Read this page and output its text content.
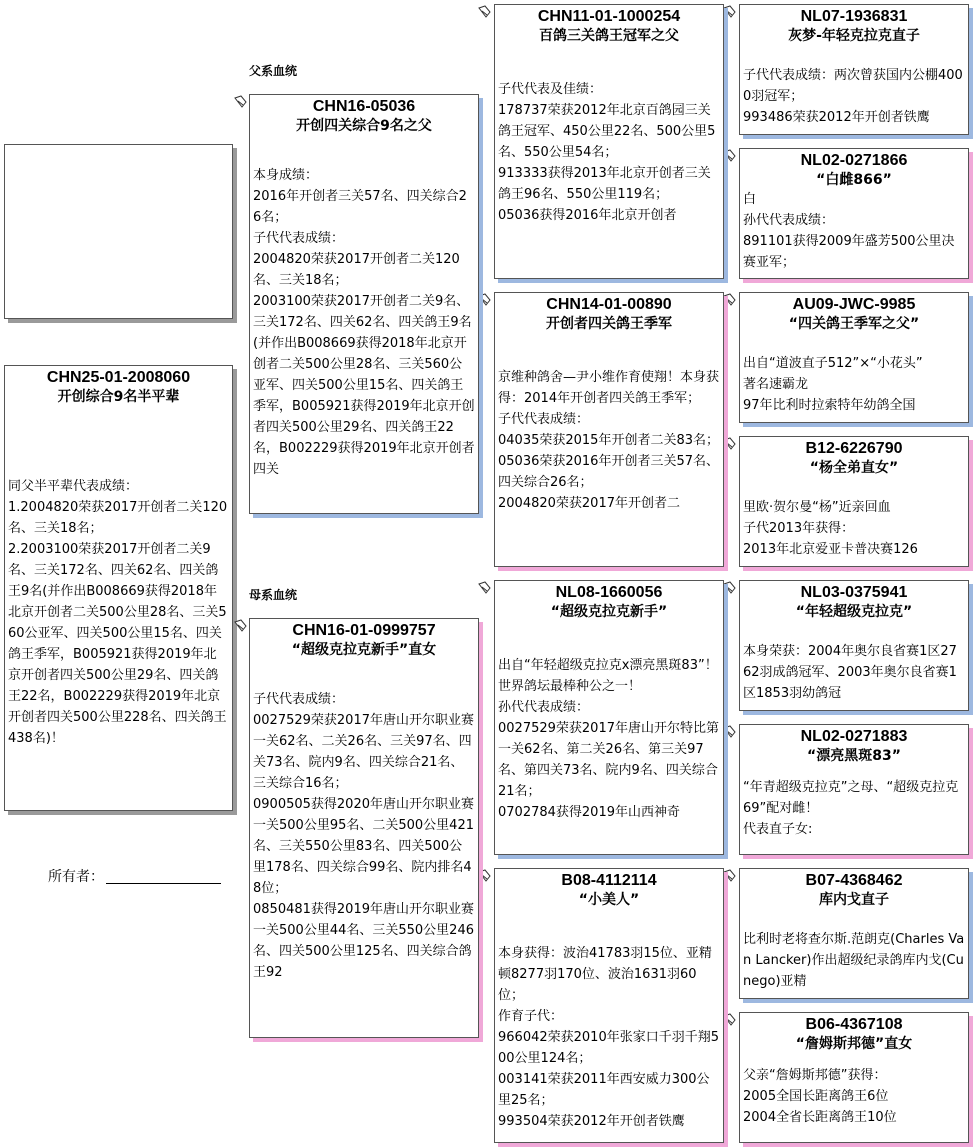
CHN25-01-2008060
开创综合9名半平辈
同父半平辈代表成绩：
1.2004820荣获2017开创者二关120名、三关18名；
2.2003100荣获2017开创者二关9名、三关172名、四关62名、四关鸽王9名(并作出B008669获得2018年北京开创者二关500公里28名、三关560公亚军、四关500公里15名、四关鸽王季军，B005921获得2019年北京开创者四关500公里29名、四关鸽王22名，B002229获得2019年北京开创者四关500公里228名、四关鸽王438名)！
所有者：
父系血统
母系血统
CHN16-05036
开创四关综合9名之父
本身成绩：
2016年开创者三关57名、四关综合26名；
子代代表成绩：
2004820荣获2017开创者二关120名、三关18名；
2003100荣获2017开创者二关9名、三关172名、四关62名、四关鸽王9名(并作出B008669获得2018年北京开创者二关500公里28名、三关560公亚军、四关500公里15名、四关鸽王季军，B005921获得2019年北京开创者四关500公里29名、四关鸽王22名，B002229获得2019年北京开创者四关
CHN16-01-0999757
“超级克拉克新手”直女
子代代表成绩：
0027529荣获2017年唐山开尔职业赛一关62名、二关26名、三关97名、四关73名、院内9名、四关综合21名、三关综合16名；
0900505获得2020年唐山开尔职业赛一关500公里95名、二关500公里421名、三关550公里83名、四关500公里178名、四关综合99名、院内排名48位；
0850481获得2019年唐山开尔职业赛一关500公里44名、三关550公里246名、四关500公里125名、四关综合鸽王92
CHN11-01-1000254
百鸽三关鸽王冠军之父
子代代表及佳绩：
178737荣获2012年北京百鸽园三关鸽王冠军、450公里22名、500公里5名、550公里54名；
913333获得2013年北京开创者三关鸽王96名、550公里119名；
05036获得2016年北京开创者
CHN14-01-00890
开创者四关鸽王季军
京维种鸽舍—尹小维作育使翔！本身获得：2014年开创者四关鸽王季军；
子代代表成绩：
04035荣获2015年开创者二关83名；
05036荣获2016年开创者三关57名、四关综合26名；
2004820荣获2017年开创者二
NL08-1660056
“超级克拉克新手”
出自“年轻超级克拉克x漂亮黑斑83”！世界鸽坛最棒种公之一！
孙代代表成绩：
0027529荣获2017年唐山开尔特比第一关62名、第二关26名、第三关97名、第四关73名、院内9名、四关综合21名；
0702784获得2019年山西神奇
B08-4112114
“小美人”
本身获得：波治41783羽15位、亚精顿8277羽170位、波治1631羽60位；
作育子代：
966042荣获2010年张家口千羽千翔500公里124名；
003141荣获2011年西安威力300公里25名；
993504荣获2012年开创者铁鹰
NL07-1936831
灰梦-年轻克拉克直子
子代代表成绩：两次曾获国内公棚4000羽冠军；
993486荣获2012年开创者铁鹰
NL02-0271866
“白雌866”
白
孙代代表成绩：
891101获得2009年盛芳500公里决赛亚军；
AU09-JWC-9985
“四关鸽王季军之父”
出自“道波直子512”×“小花头”
著名速霸龙
97年比利时拉索特年幼鸽全国
B12-6226790
“杨全弟直女”
里欧·贺尔曼“杨”近亲回血
子代2013年获得：
2013年北京爱亚卡普决赛126
NL03-0375941
“年轻超级克拉克”
本身荣获：2004年奥尔良省赛1区2762羽成鸽冠军、2003年奥尔良省赛1区1853羽幼鸽冠
NL02-0271883
“漂亮黑斑83”
“年青超级克拉克”之母、“超级克拉克69”配对雌！
代表直子女:
B07-4368462
库内戈直子
比利时老将查尔斯.范朗克(Charles Van Lancker)作出超级纪录鸽库内戈(Cunego)亚精
B06-4367108
“詹姆斯邦德”直女
父亲“詹姆斯邦德”获得：
2005全国长距离鸽王6位
2004全省长距离鸽王10位
